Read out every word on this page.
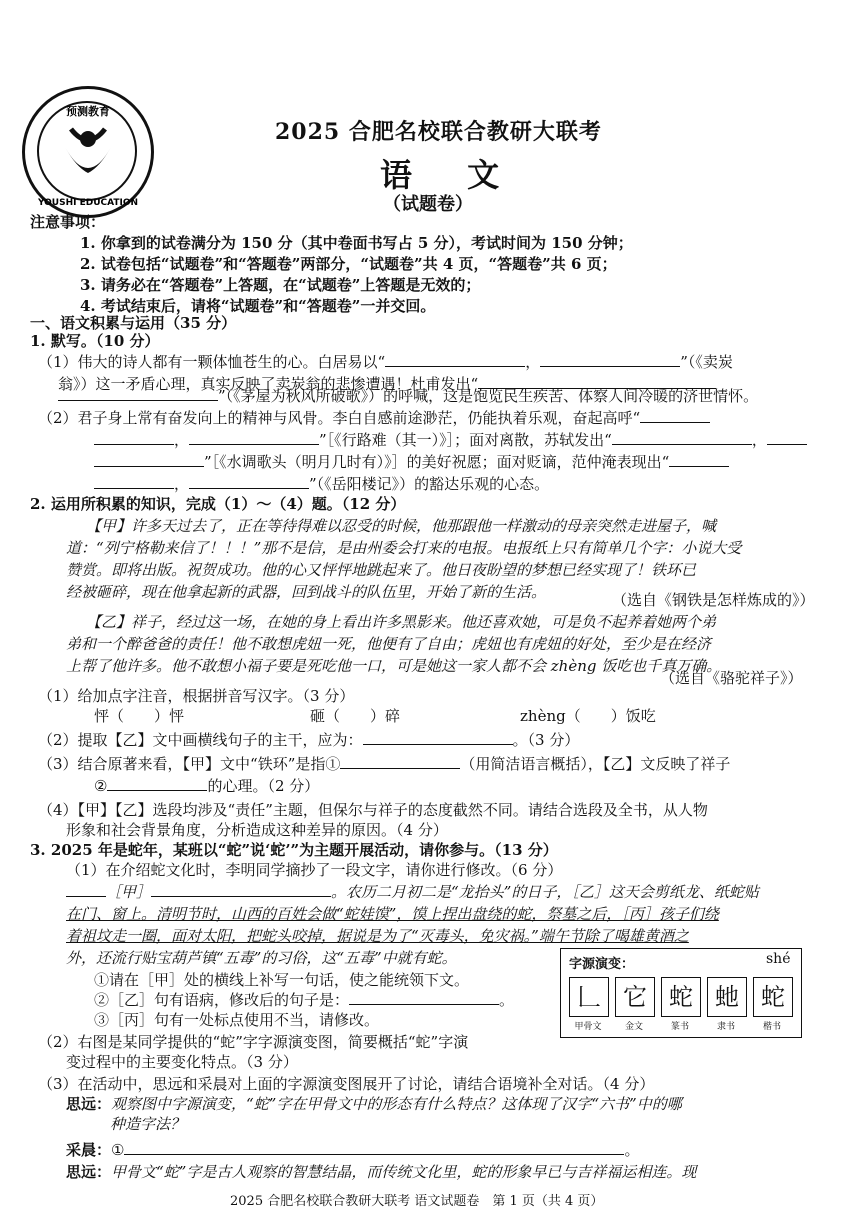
预测教育
YOUSHI EDUCATION
2025 合肥名校联合教研大联考
语 文
（试题卷）
注意事项：
1. 你拿到的试卷满分为 150 分（其中卷面书写占 5 分），考试时间为 150 分钟；
2. 试卷包括“试题卷”和“答题卷”两部分，“试题卷”共 4 页，“答题卷”共 6 页；
3. 请务必在“答题卷”上答题，在“试题卷”上答题是无效的；
4. 考试结束后，请将“试题卷”和“答题卷”一并交回。
一、语文积累与运用（35 分）
1. 默写。（10 分）
（1）伟大的诗人都有一颗体恤苍生的心。白居易以“	，	”（《卖炭
翁》）这一矛盾心理，真实反映了卖炭翁的悲惨遭遇！杜甫发出“
”（《茅屋为秋风所破歌》）的呼喊，这是饱览民生疾苦、体察人间冷暖的济世情怀。
（2）君子身上常有奋发向上的精神与风骨。李白自感前途渺茫，仍能执着乐观，奋起高呼“
，	”［《行路难（其一）》］；面对离散，苏轼发出“	，
”［《水调歌头（明月几时有）》］的美好祝愿；面对贬谪，范仲淹表现出“
，	”（《岳阳楼记》）的豁达乐观的心态。
2. 运用所积累的知识，完成（1）～（4）题。（12 分）
【甲】许多天过去了，正在等待得难以忍受的时候，他那跟他一样激动的母亲突然走进屋子，喊
道：“列宁格勒来信了！！！”那不是信，是由州委会打来的电报。电报纸上只有简单几个字：小说大受
赞赏。即将出版。祝贺成功。他的心又怦怦地跳起来了。他日夜盼望的梦想已经实现了！铁环已
经被砸碎，现在他拿起新的武器，回到战斗的队伍里，开始了新的生活。	（选自《钢铁是怎样炼成的》）
【乙】祥子，经过这一场，在她的身上看出许多黑影来。他还喜欢她，可是负不起养着她两个弟
弟和一个醉爸爸的责任！他不敢想虎妞一死，他便有了自由；虎妞也有虎妞的好处，至少是在经济
上帮了他许多。他不敢想小福子要是死吃他一口，可是她这一家人都不会 zhèng 饭吃也千真万确。
（选自《骆驼祥子》）
（1）给加点字注音，根据拼音写汉字。（3 分）
怦（　　）怦	砸（　　）碎	zhèng（　　）饭吃
（2）提取【乙】文中画横线句子的主干，应为：	。（3 分）
（3）结合原著来看，【甲】文中“铁环”是指①	（用简洁语言概括），【乙】文反映了祥子
②	的心理。（2 分）
（4）【甲】【乙】选段均涉及“责任”主题，但保尔与祥子的态度截然不同。请结合选段及全书，从人物
形象和社会背景角度，分析造成这种差异的原因。（4 分）
3. 2025 年是蛇年，某班以“蛇”说‘蛇’”为主题开展活动，请你参与。（13 分）
（1）在介绍蛇文化时，李明同学摘抄了一段文字，请你进行修改。（6 分）
［甲］	。农历二月初二是“龙抬头”的日子，［乙］这天会剪纸龙、纸蛇贴
在门、窗上。清明节时，山西的百姓会做“蛇娃馍”，馍上捏出盘绕的蛇，祭墓之后，［丙］孩子们绕
着祖坟走一圈，面对太阳，把蛇头咬掉，据说是为了“灭毒头，免灾祸。”端午节除了喝雄黄酒之
外，还流行贴宝葫芦镇“五毒”的习俗，这“五毒”中就有蛇。
①请在［甲］处的横线上补写一句话，使之能统领下文。
②［乙］句有语病，修改后的句子是：	。
③［丙］句有一处标点使用不当，请修改。
（2）右图是某同学提供的“蛇”字字源演变图，简要概括“蛇”字演
变过程中的主要变化特点。（3 分）
字源演变：	shé
𠃊 它 蛇 虵 蛇
甲骨文	金文	篆书	隶书	楷书
（3）在活动中，思远和采晨对上面的字源演变图展开了讨论，请结合语境补全对话。（4 分）
思远：观察图中字源演变，“蛇”字在甲骨文中的形态有什么特点？这体现了汉字“六书”中的哪
种造字法？
采晨：①	。
思远：甲骨文“蛇”字是古人观察的智慧结晶，而传统文化里，蛇的形象早已与吉祥福运相连。现
2025 合肥名校联合教研大联考 语文试题卷　第 1 页（共 4 页）
